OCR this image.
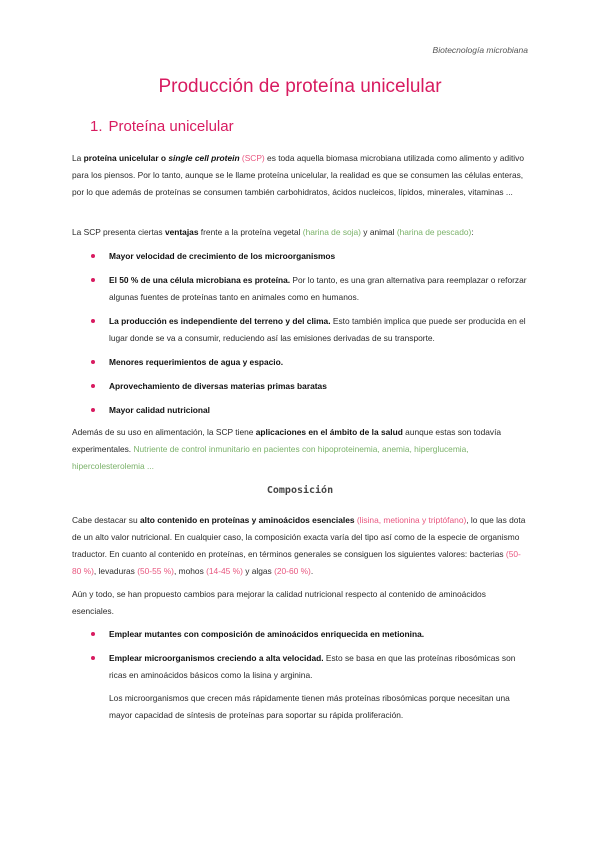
Biotecnología microbiana
Producción de proteína unicelular
1. Proteína unicelular

La proteína unicelular o single cell protein (SCP) es toda aquella biomasa microbiana utilizada como alimento y aditivo para los piensos. Por lo tanto, aunque se le llame proteína unicelular, la realidad es que se consumen las células enteras, por lo que además de proteínas se consumen también carbohidratos, ácidos nucleicos, lípidos, minerales, vitaminas ...

La SCP presenta ciertas ventajas frente a la proteína vegetal (harina de soja) y animal (harina de pescado):

Mayor velocidad de crecimiento de los microorganismos
El 50 % de una célula microbiana es proteína. Por lo tanto, es una gran alternativa para reemplazar o reforzar algunas fuentes de proteínas tanto en animales como en humanos.
La producción es independiente del terreno y del clima. Esto también implica que puede ser producida en el lugar donde se va a consumir, reduciendo así las emisiones derivadas de su transporte.
Menores requerimientos de agua y espacio.
Aprovechamiento de diversas materias primas baratas
Mayor calidad nutricional

Además de su uso en alimentación, la SCP tiene aplicaciones en el ámbito de la salud aunque estas son todavía experimentales. Nutriente de control inmunitario en pacientes con hipoproteinemia, anemia, hiperglucemia, hipercolesterolemia ...

Composición

Cabe destacar su alto contenido en proteínas y aminoácidos esenciales (lisina, metionina y triptófano), lo que las dota de un alto valor nutricional. En cualquier caso, la composición exacta varía del tipo así como de la especie de organismo traductor. En cuanto al contenido en proteínas, en términos generales se consiguen los siguientes valores: bacterias (50-80 %), levaduras (50-55 %), mohos (14-45 %) y algas (20-60 %).

Aún y todo, se han propuesto cambios para mejorar la calidad nutricional respecto al contenido de aminoácidos esenciales.

Emplear mutantes con composición de aminoácidos enriquecida en metionina.
Emplear microorganismos creciendo a alta velocidad. Esto se basa en que las proteínas ribosómicas son ricas en aminoácidos básicos como la lisina y arginina.

Los microorganismos que crecen más rápidamente tienen más proteínas ribosómicas porque necesitan una mayor capacidad de síntesis de proteínas para soportar su rápida proliferación.
